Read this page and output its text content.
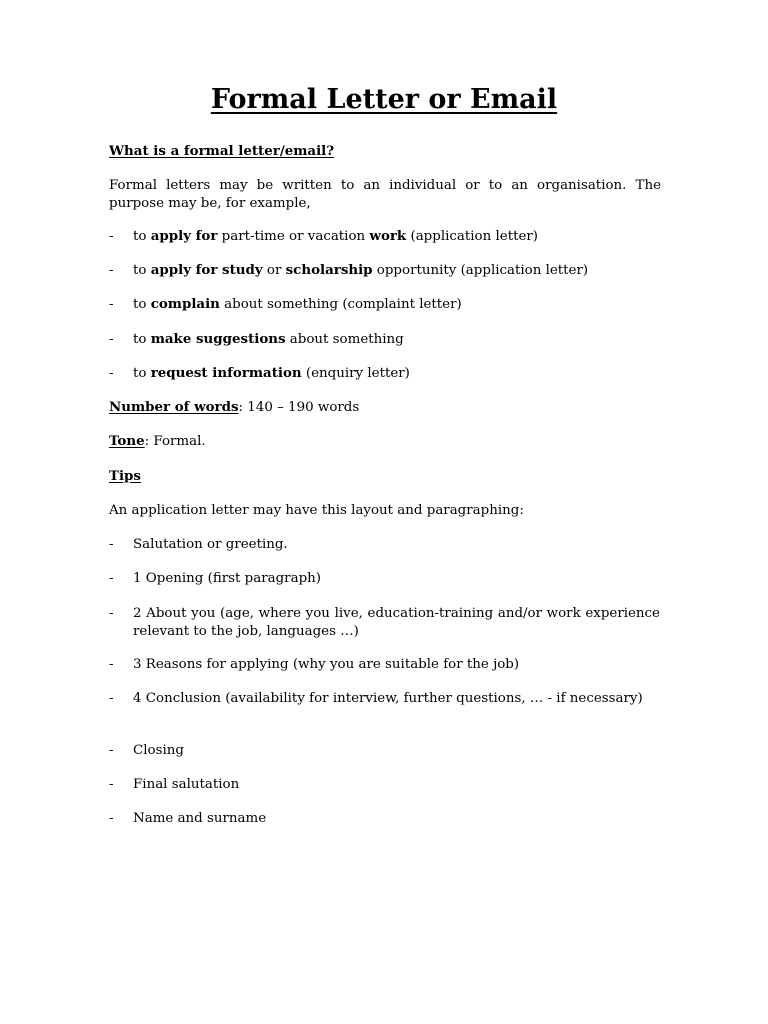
Formal Letter or Email
What is a formal letter/email?
Formal letters may be written to an individual or to an organisation. The purpose may be, for example,
-	to apply for part-time or vacation work (application letter)
-	to apply for study or scholarship opportunity (application letter)
-	to complain about something (complaint letter)
-	to make suggestions about something
-	to request information (enquiry letter)
Number of words: 140 – 190 words
Tone: Formal.
Tips
An application letter may have this layout and paragraphing:
-	Salutation or greeting.
-	1 Opening (first paragraph)
-	2 About you (age, where you live, education-training and/or work experience relevant to the job, languages …)
-	3 Reasons for applying (why you are suitable for the job)
-	4 Conclusion (availability for interview, further questions, … - if necessary)
-	Closing
-	Final salutation
-	Name and surname
